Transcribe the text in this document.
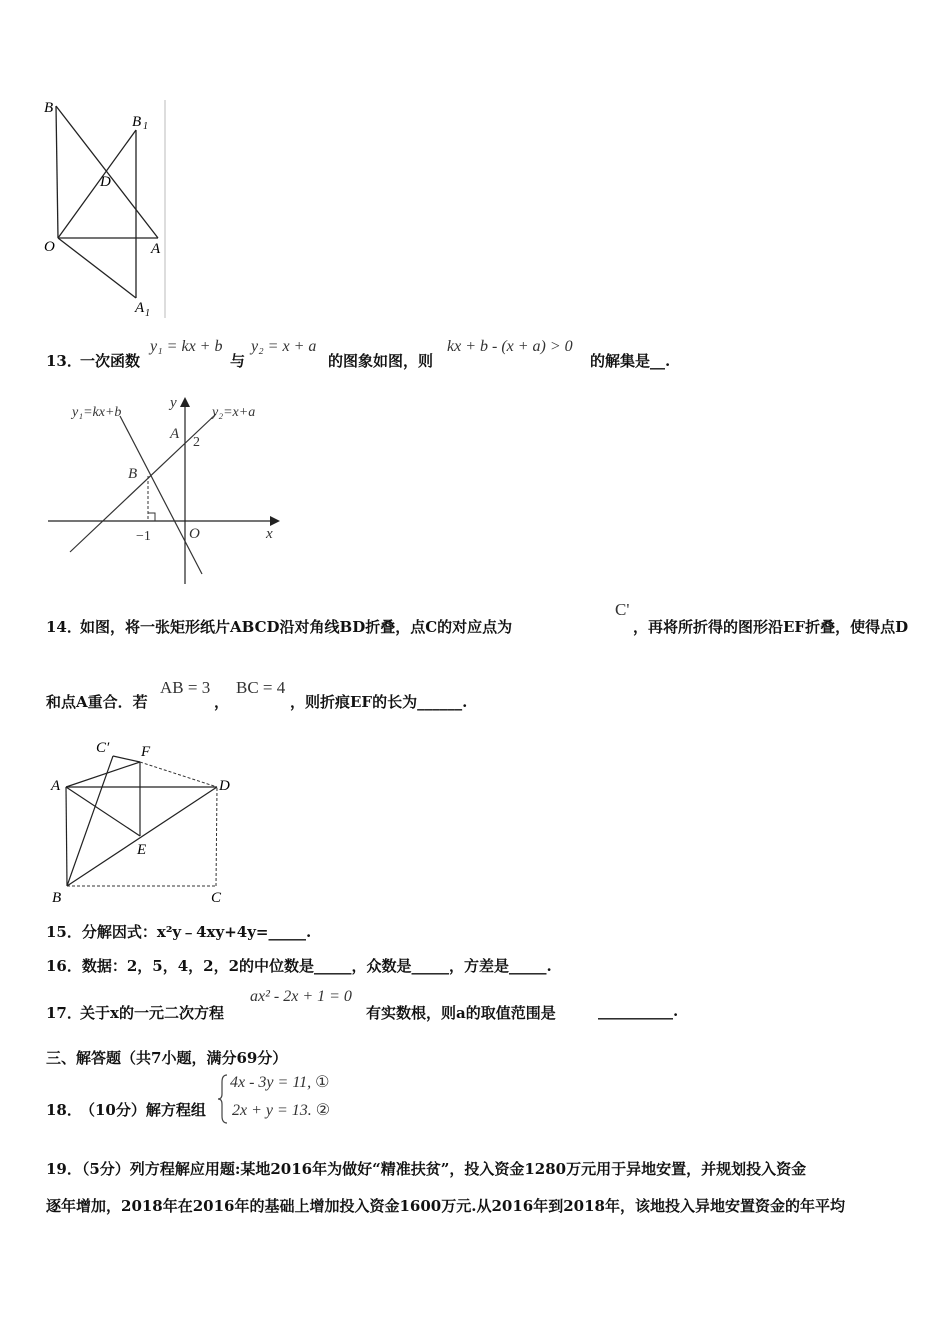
B
B 1
D
O	A
A 1
13．
一次函数
y₁ = kx + b
与
y₂ = x + a
的图象如图，则
kx + b - (x + a) > 0
的解集是__.
y₁=kx+b	y₂=x+a
y
A
2
B
−1	O	x
14．
如图，将一张矩形纸片ABCD沿对角线BD折叠，点C的对应点为
C'
，再将所折得的图形沿EF折叠，使得点D
和点A重合．若
AB = 3
，
BC = 4
，则折痕EF的长为______.
C′ F
A	D
E
B	C
15．分解因式：x²y﹣4xy+4y=_____.
16．数据：2，5，4，2，2的中位数是_____，众数是_____，方差是_____.
17．
关于x的一元二次方程
ax² - 2x + 1 = 0
有实数根，则a的取值范围是	__________.
三、解答题（共7小题，满分69分）
18．
（10分）解方程组
4x - 3y = 11, ①
2x + y = 13. ②
19．（5分）列方程解应用题:某地2016年为做好“精准扶贫”，投入资金1280万元用于异地安置，并规划投入资金
逐年增加，2018年在2016年的基础上增加投入资金1600万元.从2016年到2018年，该地投入异地安置资金的年平均
